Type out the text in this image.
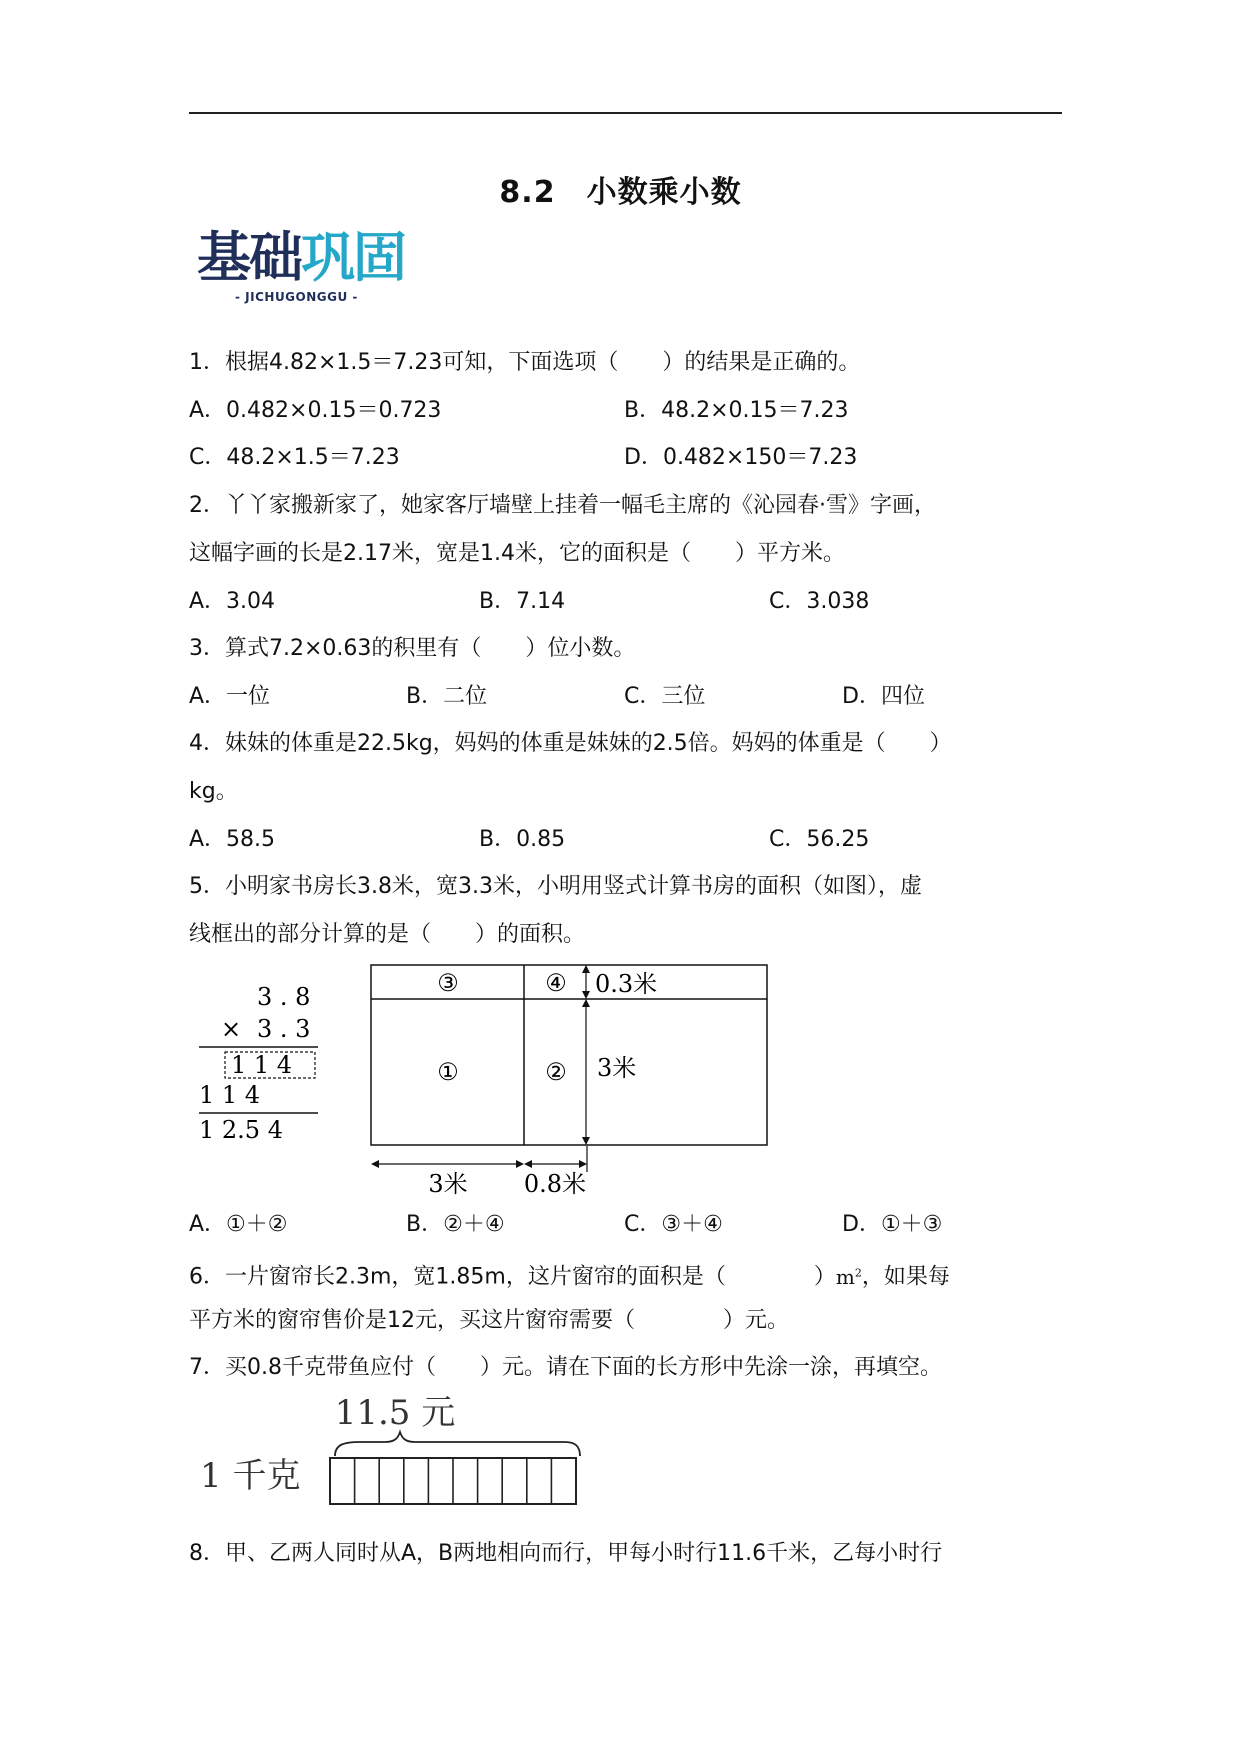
8.2　小数乘小数
基础巩固
- JICHUGONGGU -
1．根据4.82×1.5＝7.23可知，下面选项（　　）的结果是正确的。
A．0.482×0.15＝0.723	B．48.2×0.15＝7.23
C．48.2×1.5＝7.23	D．0.482×150＝7.23
2．丫丫家搬新家了，她家客厅墙壁上挂着一幅毛主席的《沁园春·雪》字画，
这幅字画的长是2.17米，宽是1.4米，它的面积是（　　）平方米。
A．3.04	B．7.14	C．3.038
3．算式7.2×0.63的积里有（　　）位小数。
A．一位	B．二位	C．三位	D．四位
4．妹妹的体重是22.5kg，妈妈的体重是妹妹的2.5倍。妈妈的体重是（　　）
kg。
A．58.5	B．0.85	C．56.25
5．小明家书房长3.8米，宽3.3米，小明用竖式计算书房的面积（如图），虚
线框出的部分计算的是（　　）的面积。
3 . 8
× 3 . 3
1 1 4
1 1 4
1 2.5 4
③	④
①	②
0.3米
3米
3米 0.8米
A．①＋②	B．②＋④	C．③＋④	D．①＋③
6．一片窗帘长2.3m，宽1.85m，这片窗帘的面积是（　　　　）$m^2$，如果每
平方米的窗帘售价是12元，买这片窗帘需要（　　　　）元。
7．买0.8千克带鱼应付（　　）元。请在下面的长方形中先涂一涂，再填空。
11.5 元
1 千克
8．甲、乙两人同时从A，B两地相向而行，甲每小时行11.6千米，乙每小时行
